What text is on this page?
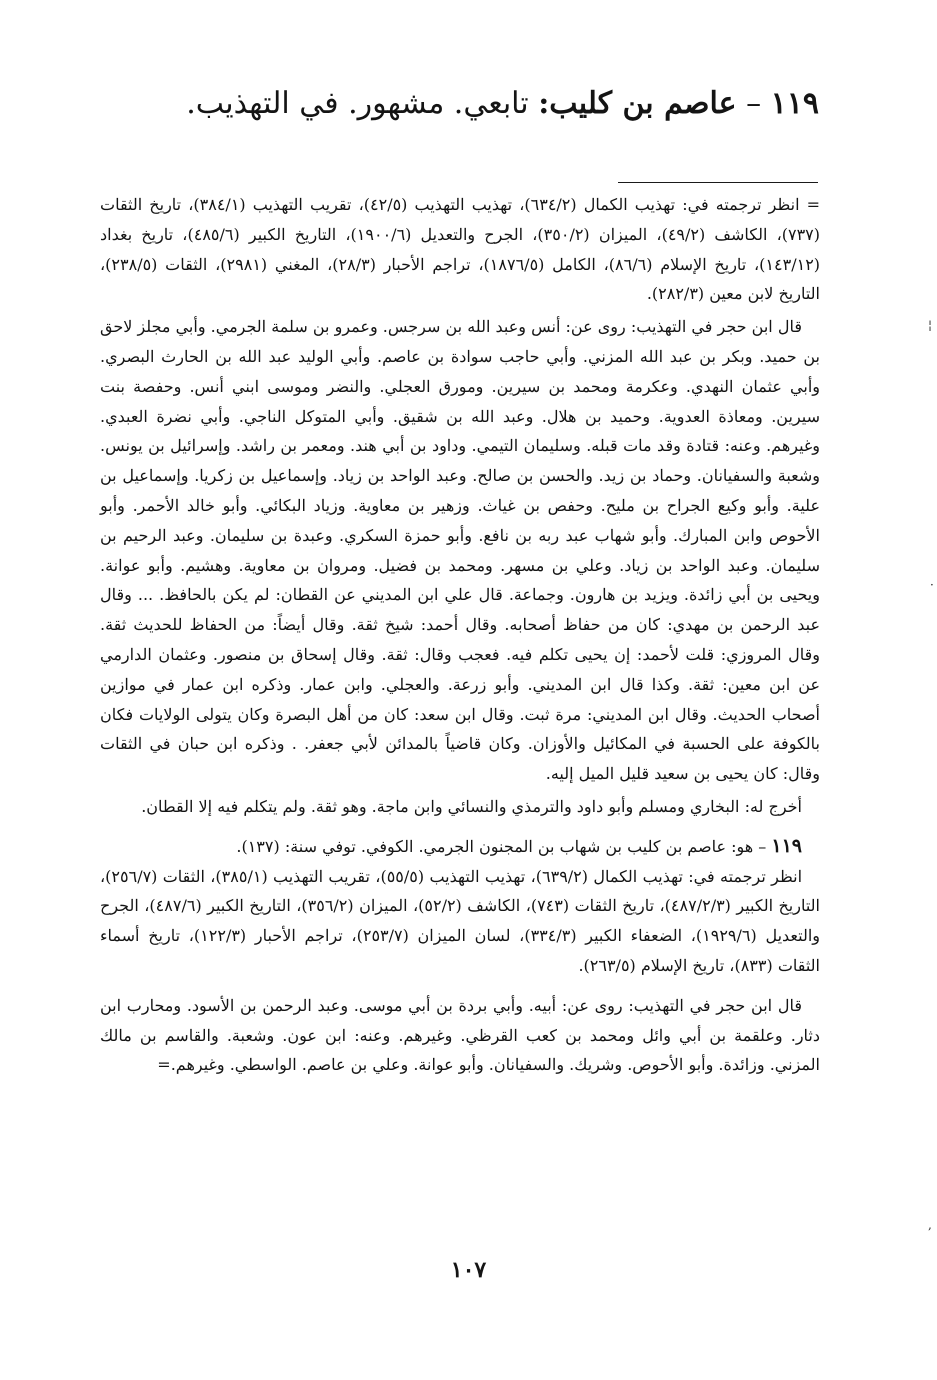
١١٩ – عاصم بن كليب: تابعي. مشهور. في التهذيب.

= انظر ترجمته في: تهذيب الكمال (٦٣٤/٢)، تهذيب التهذيب (٤٢/٥)، تقريب التهذيب (٣٨٤/١)، تاريخ الثقات (٧٣٧)، الكاشف (٤٩/٢)، الميزان (٣٥٠/٢)، الجرح والتعديل (١٩٠٠/٦)، التاريخ الكبير (٤٨٥/٦)، تاريخ بغداد (١٤٣/١٢)، تاريخ الإسلام (٨٦/٦)، الكامل (١٨٧٦/٥)، تراجم الأحبار (٢٨/٣)، المغني (٢٩٨١)، الثقات (٢٣٨/٥)، التاريخ لابن معين (٢٨٢/٣).

قال ابن حجر في التهذيب: روى عن: أنس وعبد الله بن سرجس. وعمرو بن سلمة الجرمي. وأبي مجلز لاحق بن حميد. وبكر بن عبد الله المزني. وأبي حاجب سوادة بن عاصم. وأبي الوليد عبد الله بن الحارث البصري. وأبي عثمان النهدي. وعكرمة ومحمد بن سيرين. ومورق العجلي. والنضر وموسى ابني أنس. وحفصة بنت سيرين. ومعاذة العدوية. وحميد بن هلال. وعبد الله بن شقيق. وأبي المتوكل الناجي. وأبي نضرة العبدي. وغيرهم. وعنه: قتادة وقد مات قبله. وسليمان التيمي. وداود بن أبي هند. ومعمر بن راشد. وإسرائيل بن يونس. وشعبة والسفيانان. وحماد بن زيد. والحسن بن صالح. وعبد الواحد بن زياد. وإسماعيل بن زكريا. وإسماعيل بن علية. وأبو وكيع الجراح بن مليح. وحفص بن غياث. وزهير بن معاوية. وزياد البكائي. وأبو خالد الأحمر. وأبو الأحوص وابن المبارك. وأبو شهاب عبد ربه بن نافع. وأبو حمزة السكري. وعبدة بن سليمان. وعبد الرحيم بن سليمان. وعبد الواحد بن زياد. وعلي بن مسهر. ومحمد بن فضيل. ومروان بن معاوية. وهشيم. وأبو عوانة. ويحيى بن أبي زائدة. ويزيد بن هارون. وجماعة. قال علي ابن المديني عن القطان: لم يكن بالحافظ. ... وقال عبد الرحمن بن مهدي: كان من حفاظ أصحابه. وقال أحمد: شيخ ثقة. وقال أيضاً: من الحفاظ للحديث ثقة. وقال المروزي: قلت لأحمد: إن يحيى تكلم فيه. فعجب وقال: ثقة. وقال إسحاق بن منصور. وعثمان الدارمي عن ابن معين: ثقة. وكذا قال ابن المديني. وأبو زرعة. والعجلي. وابن عمار. وذكره ابن عمار في موازين أصحاب الحديث. وقال ابن المديني: مرة ثبت. وقال ابن سعد: كان من أهل البصرة وكان يتولى الولايات فكان بالكوفة على الحسبة في المكائيل والأوزان. وكان قاضياً بالمدائن لأبي جعفر. . وذكره ابن حبان في الثقات وقال: كان يحيى بن سعيد قليل الميل إليه.

أخرج له: البخاري ومسلم وأبو داود والترمذي والنسائي وابن ماجة. وهو ثقة. ولم يتكلم فيه إلا القطان.

١١٩ – هو: عاصم بن كليب بن شهاب بن المجنون الجرمي. الكوفي. توفي سنة: (١٣٧).

انظر ترجمته في: تهذيب الكمال (٦٣٩/٢)، تهذيب التهذيب (٥٥/٥)، تقريب التهذيب (٣٨٥/١)، الثقات (٢٥٦/٧)، التاريخ الكبير (٤٨٧/٢/٣)، تاريخ الثقات (٧٤٣)، الكاشف (٥٢/٢)، الميزان (٣٥٦/٢)، التاريخ الكبير (٤٨٧/٦)، الجرح والتعديل (١٩٢٩/٦)، الضعفاء الكبير (٣٣٤/٣)، لسان الميزان (٢٥٣/٧)، تراجم الأحبار (١٢٢/٣)، تاريخ أسماء الثقات (٨٣٣)، تاريخ الإسلام (٢٦٣/٥).

قال ابن حجر في التهذيب: روى عن: أبيه. وأبي بردة بن أبي موسى. وعبد الرحمن بن الأسود. ومحارب ابن دثار. وعلقمة بن أبي وائل ومحمد بن كعب القرظي. وغيرهم. وعنه: ابن عون. وشعبة. والقاسم بن مالك المزني. وزائدة. وأبو الأحوص. وشريك. والسفيانان. وأبو عوانة. وعلي بن عاصم. الواسطي. وغيرهم.=

١٠٧
¦
·
,
